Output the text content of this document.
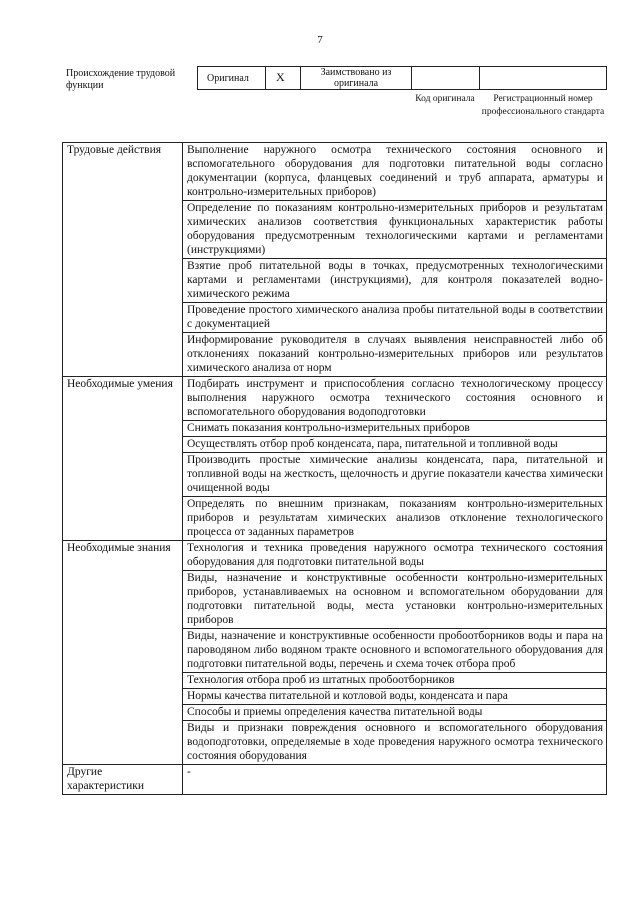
7
Происхождение трудовой функции
Оригинал X	Заимствовано из оригинала
Код оригинала	Регистрационный номер профессионального стандарта
Трудовые действия	Выполнение наружного осмотра технического состояния основного и вспомогательного оборудования для подготовки питательной воды согласно документации (корпуса, фланцевых соединений и труб аппарата, арматуры и контрольно-измерительных приборов)
	Определение по показаниям контрольно-измерительных приборов и результатам химических анализов соответствия функциональных характеристик работы оборудования предусмотренным технологическими картами и регламентами (инструкциями)
	Взятие проб питательной воды в точках, предусмотренных технологическими картами и регламентами (инструкциями), для контроля показателей водно-химического режима
	Проведение простого химического анализа пробы питательной воды в соответствии с документацией
	Информирование руководителя в случаях выявления неисправностей либо об отклонениях показаний контрольно-измерительных приборов или результатов химического анализа от норм
Необходимые умения	Подбирать инструмент и приспособления согласно технологическому процессу выполнения наружного осмотра технического состояния основного и вспомогательного оборудования водоподготовки
	Снимать показания контрольно-измерительных приборов
	Осуществлять отбор проб конденсата, пара, питательной и топливной воды
	Производить простые химические анализы конденсата, пара, питательной и топливной воды на жесткость, щелочность и другие показатели качества химически очищенной воды
	Определять по внешним признакам, показаниям контрольно-измерительных приборов и результатам химических анализов отклонение технологического процесса от заданных параметров
Необходимые знания	Технология и техника проведения наружного осмотра технического состояния оборудования для подготовки питательной воды
	Виды, назначение и конструктивные особенности контрольно-измерительных приборов, устанавливаемых на основном и вспомогательном оборудовании для подготовки питательной воды, места установки контрольно-измерительных приборов
	Виды, назначение и конструктивные особенности пробоотборников воды и пара на пароводяном либо водяном тракте основного и вспомогательного оборудования для подготовки питательной воды, перечень и схема точек отбора проб
	Технология отбора проб из штатных пробоотборников
	Нормы качества питательной и котловой воды, конденсата и пара
	Способы и приемы определения качества питательной воды
	Виды и признаки повреждения основного и вспомогательного оборудования водоподготовки, определяемые в ходе проведения наружного осмотра технического состояния оборудования
Другие характеристики	-
